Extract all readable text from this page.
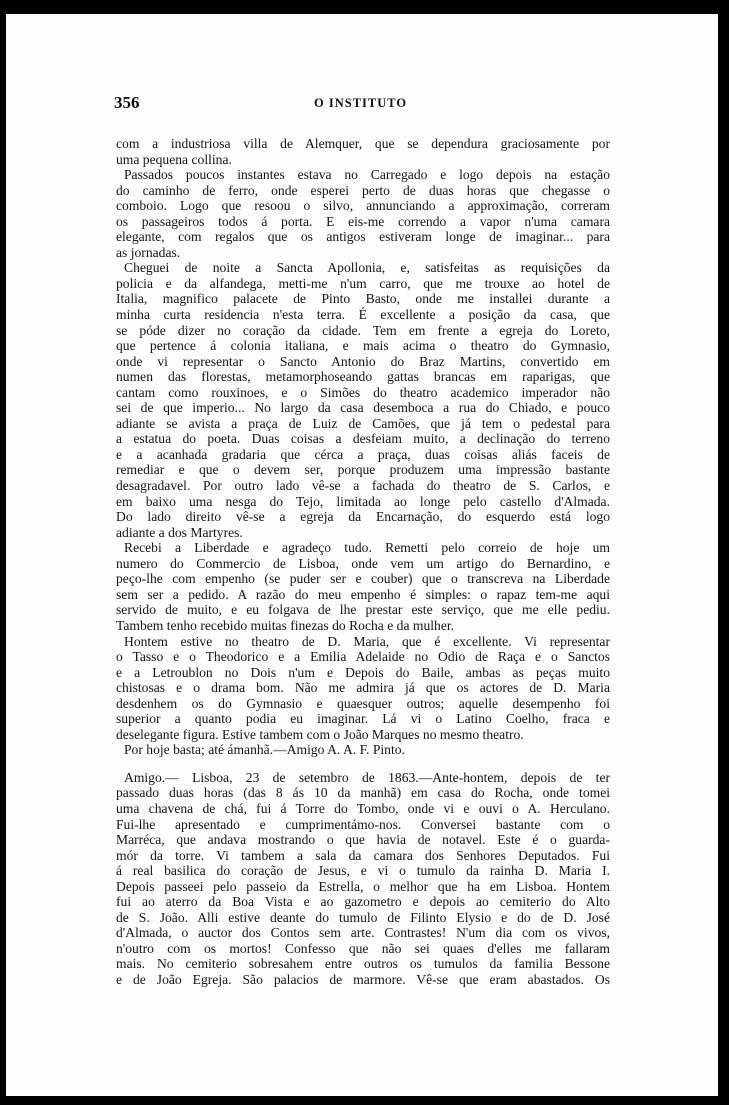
356	O INSTITUTO
com a industriosa villa de Alemquer, que se dependura graciosamente por
uma pequena collina.
Passados poucos instantes estava no Carregado e logo depois na estação
do caminho de ferro, onde esperei perto de duas horas que chegasse o
comboio. Logo que resoou o silvo, annunciando a approximação, correram
os passageiros todos á porta. E eis-me correndo a vapor n'uma camara
elegante, com regalos que os antigos estiveram longe de imaginar... para
as jornadas.
Cheguei de noite a Sancta Apollonia, e, satisfeitas as requisições da
policia e da alfandega, metti-me n'um carro, que me trouxe ao hotel de
Italia, magnifico palacete de Pinto Basto, onde me installei durante a
minha curta residencia n'esta terra. É excellente a posição da casa, que
se póde dizer no coração da cidade. Tem em frente a egreja do Loreto,
que pertence á colonia italiana, e mais acima o theatro do Gymnasio,
onde vi representar o Sancto Antonio do Braz Martins, convertido em
numen das florestas, metamorphoseando gattas brancas em raparigas, que
cantam como rouxinoes, e o Simões do theatro academico imperador não
sei de que imperio... No largo da casa desemboca a rua do Chiado, e pouco
adiante se avista a praça de Luiz de Camões, que já tem o pedestal para
a estatua do poeta. Duas coisas a desfeiam muito, a declinação do terreno
e a acanhada gradaria que cérca a praça, duas coisas aliás faceis de
remediar e que o devem ser, porque produzem uma impressão bastante
desagradavel. Por outro lado vê-se a fachada do theatro de S. Carlos, e
em baixo uma nesga do Tejo, limitada ao longe pelo castello d'Almada.
Do lado direito vê-se a egreja da Encarnação, do esquerdo está logo
adiante a dos Martyres.
Recebi a Liberdade e agradeço tudo. Remetti pelo correio de hoje um
numero do Commercio de Lisboa, onde vem um artigo do Bernardino, e
peço-lhe com empenho (se puder ser e couber) que o transcreva na Liberdade
sem ser a pedido. A razão do meu empenho é simples: o rapaz tem-me aqui
servido de muito, e eu folgava de lhe prestar este serviço, que me elle pediu.
Tambem tenho recebido muitas finezas do Rocha e da mulher.
Hontem estive no theatro de D. Maria, que é excellente. Vi representar
o Tasso e o Theodorico e a Emilia Adelaide no Odio de Raça e o Sanctos
e a Letroublon no Dois n'um e Depois do Baile, ambas as peças muito
chistosas e o drama bom. Não me admira já que os actores de D. Maria
desdenhem os do Gymnasio e quaesquer outros; aquelle desempenho foi
superior a quanto podia eu imaginar. Lá vi o Latino Coelho, fraca e
deselegante figura. Estive tambem com o João Marques no mesmo theatro.
Por hoje basta; até ámanhã.—Amigo A. A. F. Pinto.
Amigo.— Lisboa, 23 de setembro de 1863.—Ante-hontem, depois de ter
passado duas horas (das 8 ás 10 da manhã) em casa do Rocha, onde tomei
uma chavena de chá, fui á Torre do Tombo, onde vi e ouvi o A. Herculano.
Fui-lhe apresentado e cumprimentámo-nos. Conversei bastante com o
Marréca, que andava mostrando o que havia de notavel. Este é o guarda-
mór da torre. Vi tambem a sala da camara dos Senhores Deputados. Fui
á real basilica do coração de Jesus, e vi o tumulo da rainha D. Maria I.
Depois passeei pelo passeio da Estrella, o melhor que ha em Lisboa. Hontem
fui ao aterro da Boa Vista e ao gazometro e depois ao cemiterio do Alto
de S. João. Alli estive deante do tumulo de Filinto Elysio e do de D. José
d'Almada, o auctor dos Contos sem arte. Contrastes! N'um dia com os vivos,
n'outro com os mortos! Confesso que não sei quaes d'elles me fallaram
mais. No cemiterio sobresahem entre outros os tumulos da familia Bessone
e de João Egreja. São palacios de marmore. Vê-se que eram abastados. Os
